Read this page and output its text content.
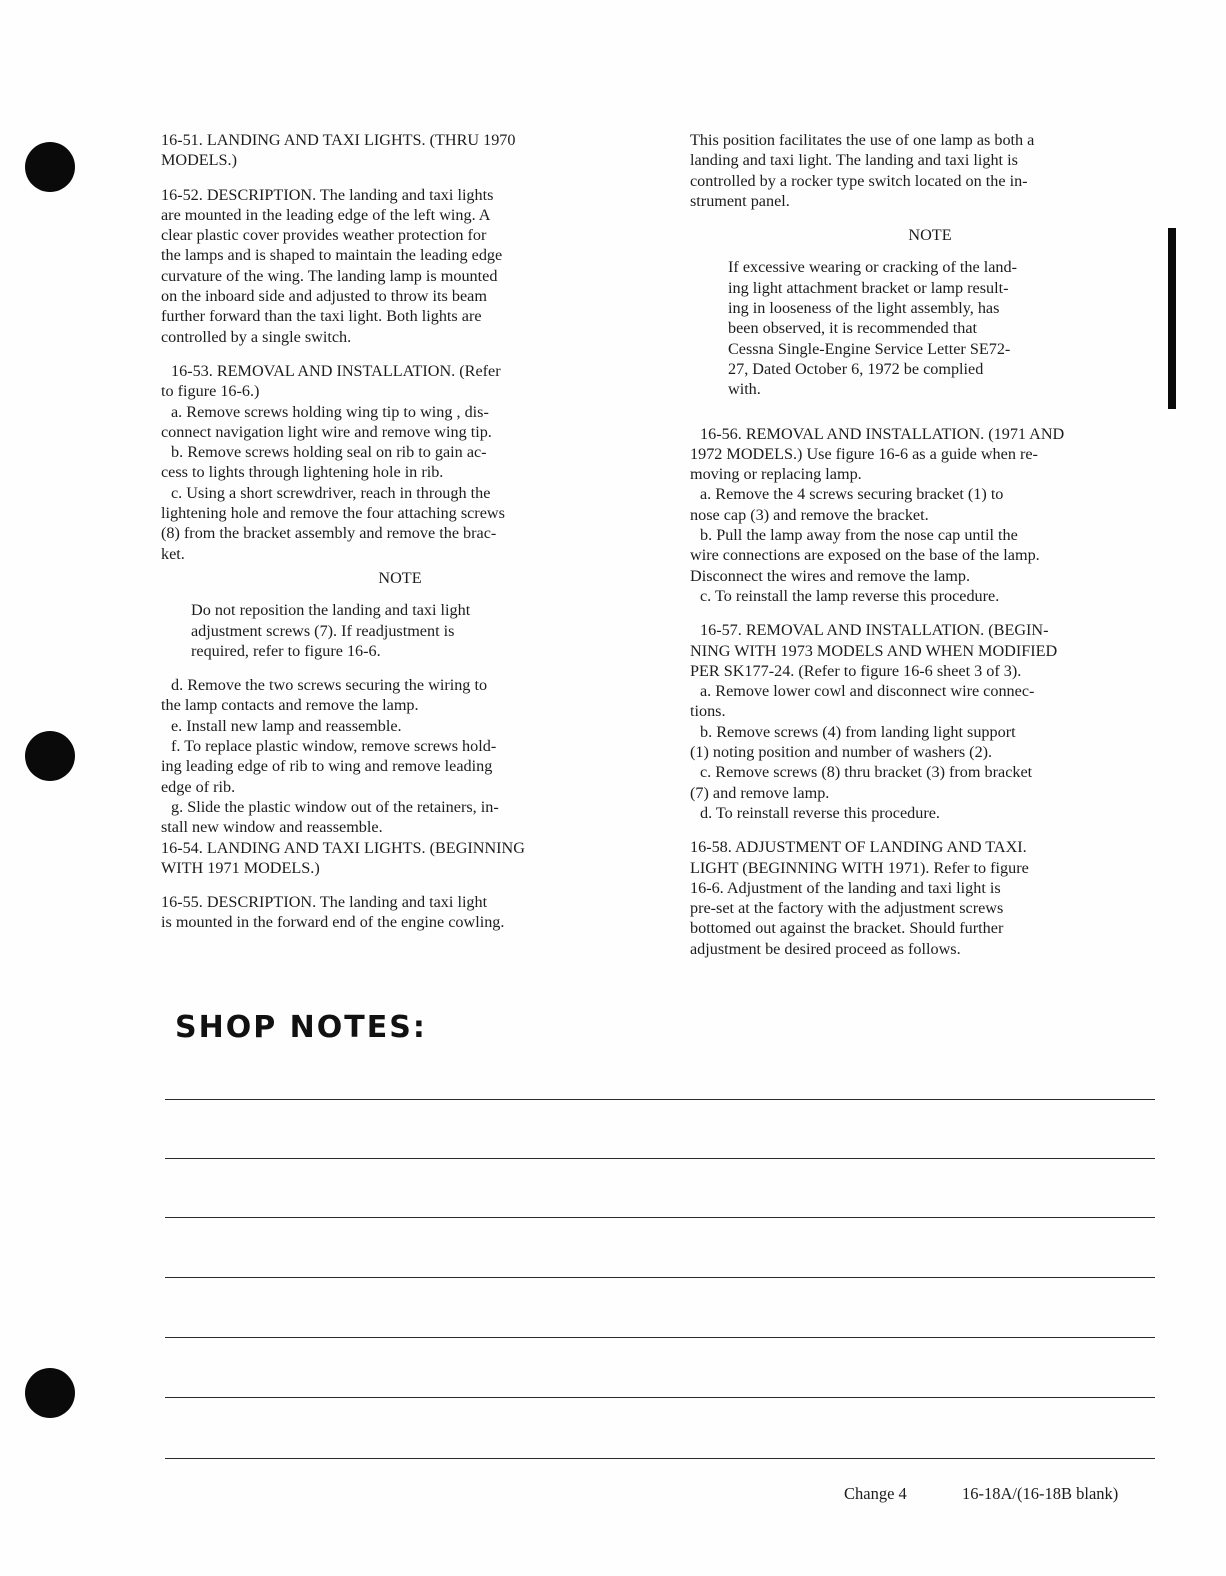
16-51. LANDING AND TAXI LIGHTS. (THRU 1970
MODELS.)
16-52. DESCRIPTION. The landing and taxi lights
are mounted in the leading edge of the left wing. A
clear plastic cover provides weather protection for
the lamps and is shaped to maintain the leading edge
curvature of the wing. The landing lamp is mounted
on the inboard side and adjusted to throw its beam
further forward than the taxi light. Both lights are
controlled by a single switch.
16-53. REMOVAL AND INSTALLATION. (Refer
to figure 16-6.)
a. Remove screws holding wing tip to wing , dis-
connect navigation light wire and remove wing tip.
b. Remove screws holding seal on rib to gain ac-
cess to lights through lightening hole in rib.
c. Using a short screwdriver, reach in through the
lightening hole and remove the four attaching screws
(8) from the bracket assembly and remove the brac-
ket.
NOTE
Do not reposition the landing and taxi light
adjustment screws (7). If readjustment is
required, refer to figure 16-6.
d. Remove the two screws securing the wiring to
the lamp contacts and remove the lamp.
e. Install new lamp and reassemble.
f. To replace plastic window, remove screws hold-
ing leading edge of rib to wing and remove leading
edge of rib.
g. Slide the plastic window out of the retainers, in-
stall new window and reassemble.
16-54. LANDING AND TAXI LIGHTS. (BEGINNING
WITH 1971 MODELS.)
16-55. DESCRIPTION. The landing and taxi light
is mounted in the forward end of the engine cowling.
This position facilitates the use of one lamp as both a
landing and taxi light. The landing and taxi light is
controlled by a rocker type switch located on the in-
strument panel.
NOTE
If excessive wearing or cracking of the land-
ing light attachment bracket or lamp result-
ing in looseness of the light assembly, has
been observed, it is recommended that
Cessna Single-Engine Service Letter SE72-
27, Dated October 6, 1972 be complied
with.
16-56. REMOVAL AND INSTALLATION. (1971 AND
1972 MODELS.) Use figure 16-6 as a guide when re-
moving or replacing lamp.
a. Remove the 4 screws securing bracket (1) to
nose cap (3) and remove the bracket.
b. Pull the lamp away from the nose cap until the
wire connections are exposed on the base of the lamp.
Disconnect the wires and remove the lamp.
c. To reinstall the lamp reverse this procedure.
16-57. REMOVAL AND INSTALLATION. (BEGIN-
NING WITH 1973 MODELS AND WHEN MODIFIED
PER SK177-24. (Refer to figure 16-6 sheet 3 of 3).
a. Remove lower cowl and disconnect wire connec-
tions.
b. Remove screws (4) from landing light support
(1) noting position and number of washers (2).
c. Remove screws (8) thru bracket (3) from bracket
(7) and remove lamp.
d. To reinstall reverse this procedure.
16-58. ADJUSTMENT OF LANDING AND TAXI.
LIGHT (BEGINNING WITH 1971). Refer to figure
16-6. Adjustment of the landing and taxi light is
pre-set at the factory with the adjustment screws
bottomed out against the bracket. Should further
adjustment be desired proceed as follows.
SHOP NOTES:
Change 4	16-18A/(16-18B blank)
